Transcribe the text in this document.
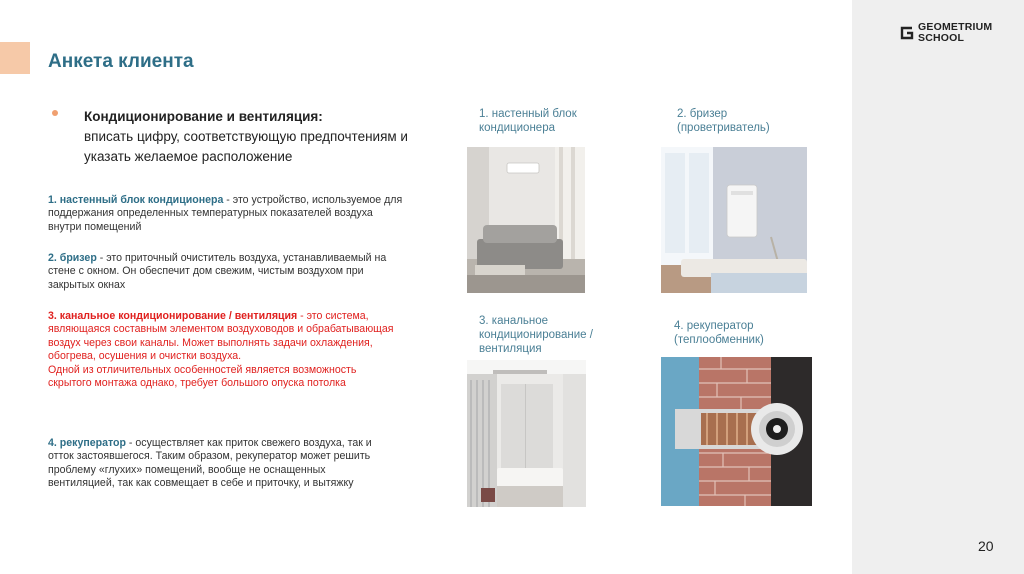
GEOMETRIUM
SCHOOL
Анкета клиента
Кондиционирование и вентиляция:
вписать цифру, соответствующую предпочтениям и указать желаемое расположение
1. настенный блок кондиционера - это устройство, используемое для поддержания определенных температурных показателей воздуха внутри помещений
2. бризер - это приточный очиститель воздуха, устанавливаемый на стене с окном. Он обеспечит дом свежим, чистым воздухом при закрытых окнах
3. канальное кондиционирование / вентиляция - это система, являющаяся составным элементом воздуховодов и обрабатывающая воздух через свои каналы. Может выполнять задачи охлаждения, обогрева, осушения и очистки воздуха.
Одной из отличительных особенностей является возможность скрытого монтажа однако, требует большого опуска потолка
4. рекуператор - осуществляет как приток свежего воздуха, так и отток застоявшегося. Таким образом, рекуператор может решить проблему «глухих» помещений, вообще не оснащенных вентиляцией, так как совмещает в себе и приточку, и вытяжку
1. настенный блок кондиционера
2. бризер (проветриватель)
3. канальное кондиционирование / вентиляция
4. рекуператор (теплообменник)
20
